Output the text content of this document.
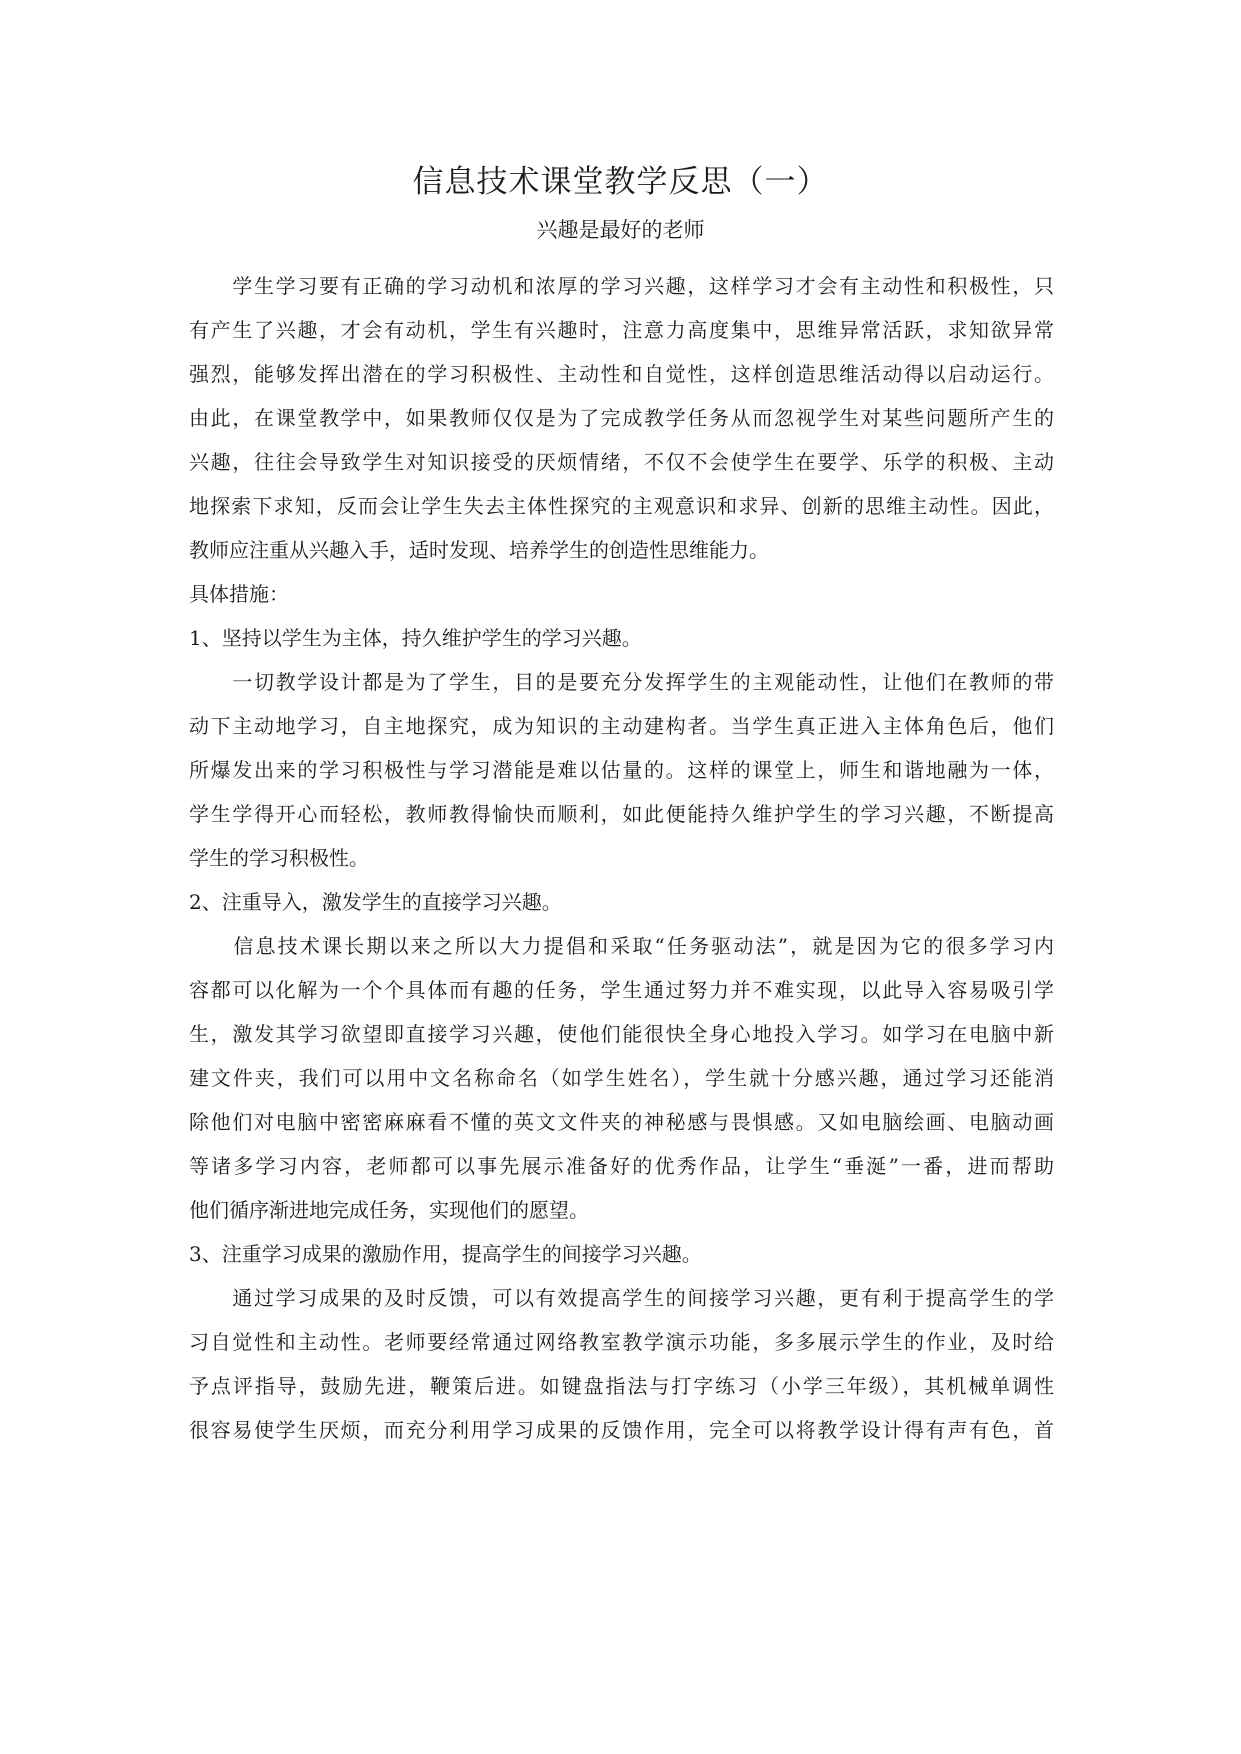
信息技术课堂教学反思（一）
兴趣是最好的老师
　　学生学习要有正确的学习动机和浓厚的学习兴趣，这样学习才会有主动性和积极性，只
有产生了兴趣，才会有动机，学生有兴趣时，注意力高度集中，思维异常活跃，求知欲异常
强烈，能够发挥出潜在的学习积极性、主动性和自觉性，这样创造思维活动得以启动运行。
由此，在课堂教学中，如果教师仅仅是为了完成教学任务从而忽视学生对某些问题所产生的
兴趣，往往会导致学生对知识接受的厌烦情绪，不仅不会使学生在要学、乐学的积极、主动
地探索下求知，反而会让学生失去主体性探究的主观意识和求异、创新的思维主动性。因此，
教师应注重从兴趣入手，适时发现、培养学生的创造性思维能力。
具体措施：
1、坚持以学生为主体，持久维护学生的学习兴趣。
　　一切教学设计都是为了学生，目的是要充分发挥学生的主观能动性，让他们在教师的带
动下主动地学习，自主地探究，成为知识的主动建构者。当学生真正进入主体角色后，他们
所爆发出来的学习积极性与学习潜能是难以估量的。这样的课堂上，师生和谐地融为一体，
学生学得开心而轻松，教师教得愉快而顺利，如此便能持久维护学生的学习兴趣，不断提高
学生的学习积极性。
2、注重导入，激发学生的直接学习兴趣。
　　信息技术课长期以来之所以大力提倡和采取“任务驱动法”，就是因为它的很多学习内
容都可以化解为一个个具体而有趣的任务，学生通过努力并不难实现，以此导入容易吸引学
生，激发其学习欲望即直接学习兴趣，使他们能很快全身心地投入学习。如学习在电脑中新
建文件夹，我们可以用中文名称命名（如学生姓名），学生就十分感兴趣，通过学习还能消
除他们对电脑中密密麻麻看不懂的英文文件夹的神秘感与畏惧感。又如电脑绘画、电脑动画
等诸多学习内容，老师都可以事先展示准备好的优秀作品，让学生“垂涎”一番，进而帮助
他们循序渐进地完成任务，实现他们的愿望。
3、注重学习成果的激励作用，提高学生的间接学习兴趣。
　　通过学习成果的及时反馈，可以有效提高学生的间接学习兴趣，更有利于提高学生的学
习自觉性和主动性。老师要经常通过网络教室教学演示功能，多多展示学生的作业，及时给
予点评指导，鼓励先进，鞭策后进。如键盘指法与打字练习（小学三年级），其机械单调性
很容易使学生厌烦，而充分利用学习成果的反馈作用，完全可以将教学设计得有声有色，首
